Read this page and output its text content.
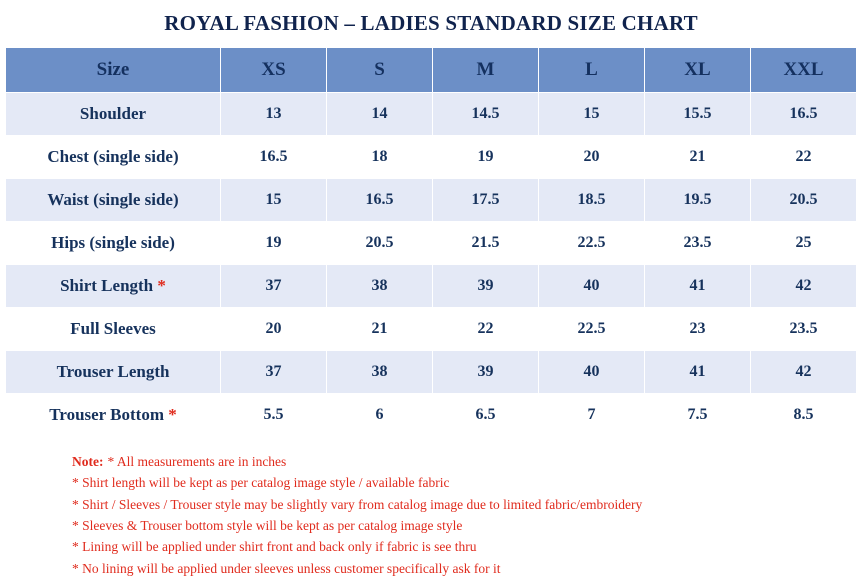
ROYAL FASHION – LADIES STANDARD SIZE CHART
Size	XS	S	M	L	XL	XXL
Shoulder	13	14	14.5	15	15.5	16.5
Chest (single side)	16.5	18	19	20	21	22
Waist (single side)	15	16.5	17.5	18.5	19.5	20.5
Hips (single side)	19	20.5	21.5	22.5	23.5	25
Shirt Length *	37	38	39	40	41	42
Full Sleeves	20	21	22	22.5	23	23.5
Trouser Length	37	38	39	40	41	42
Trouser Bottom *	5.5	6	6.5	7	7.5	8.5
Note: * All measurements are in inches
* Shirt length will be kept as per catalog image style / available fabric
* Shirt / Sleeves / Trouser style may be slightly vary from catalog image due to limited fabric/embroidery
* Sleeves & Trouser bottom style will be kept as per catalog image style
* Lining will be applied under shirt front and back only if fabric is see thru
* No lining will be applied under sleeves unless customer specifically ask for it
